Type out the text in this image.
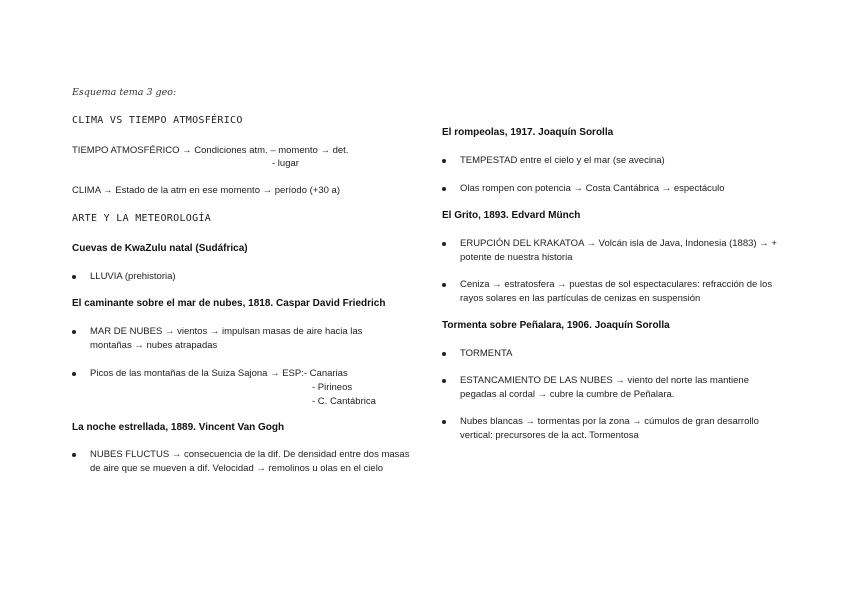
Esquema tema 3 geo:
CLIMA VS TIEMPO ATMOSFÉRICO
TIEMPO ATMOSFÉRICO → Condiciones atm. – momento → det.
- lugar
CLIMA → Estado de la atm en ese momento → período (+30 a)
ARTE Y LA METEOROLOGÍA
Cuevas de KwaZulu natal (Sudáfrica)
LLUVIA (prehistoria)
El caminante sobre el mar de nubes, 1818. Caspar David Friedrich
MAR DE NUBES → vientos → impulsan masas de aire hacia las montañas → nubes atrapadas
Picos de las montañas de la Suiza Sajona → ESP:- Canarias
- Pirineos
- C. Cantábrica
La noche estrellada, 1889. Vincent Van Gogh
NUBES FLUCTUS → consecuencia de la dif. De densidad entre dos masas de aire que se mueven a dif. Velocidad → remolinos u olas en el cielo
El rompeolas, 1917. Joaquín Sorolla
TEMPESTAD entre el cielo y el mar (se avecina)
Olas rompen con potencia → Costa Cantábrica → espectáculo
El Grito, 1893. Edvard Münch
ERUPCIÓN DEL KRAKATOA → Volcán isla de Java, Indonesia (1883) → + potente de nuestra historia
Ceniza → estratosfera → puestas de sol espectaculares: refracción de los rayos solares en las partículas de cenizas en suspensión
Tormenta sobre Peñalara, 1906. Joaquín Sorolla
TORMENTA
ESTANCAMIENTO DE LAS NUBES → viento del norte las mantiene pegadas al cordal → cubre la cumbre de Peñalara.
Nubes blancas → tormentas por la zona → cúmulos de gran desarrollo vertical: precursores de la act. Tormentosa
